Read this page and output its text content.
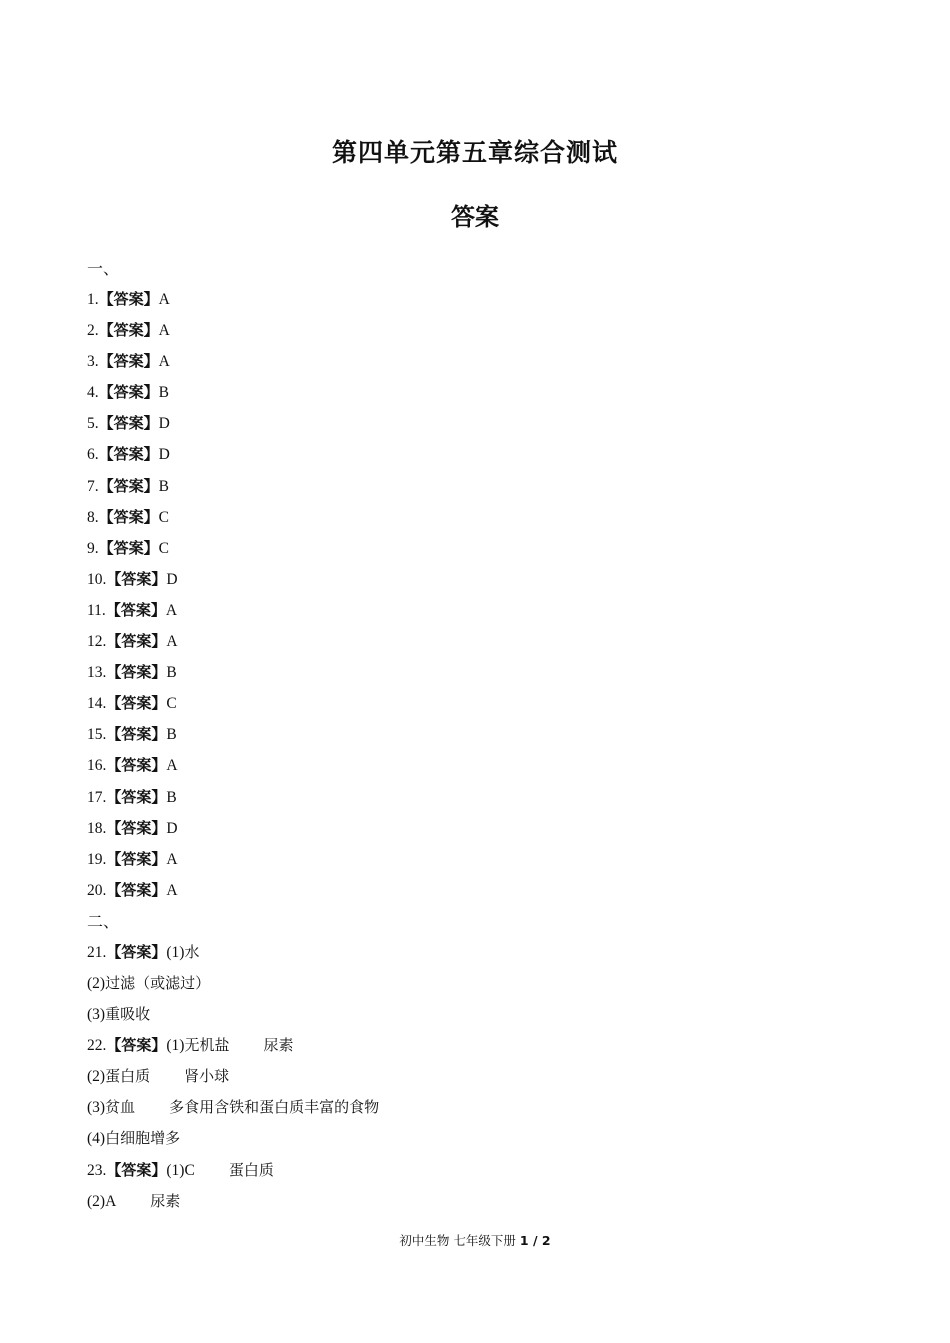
第四单元第五章综合测试
答案
一、
1.【答案】A
2.【答案】A
3.【答案】A
4.【答案】B
5.【答案】D
6.【答案】D
7.【答案】B
8.【答案】C
9.【答案】C
10.【答案】D
11.【答案】A
12.【答案】A
13.【答案】B
14.【答案】C
15.【答案】B
16.【答案】A
17.【答案】B
18.【答案】D
19.【答案】A
20.【答案】A
二、
21.【答案】(1)水
(2)过滤（或滤过）
(3)重吸收
22.【答案】(1)无机盐 尿素
(2)蛋白质 肾小球
(3)贫血 多食用含铁和蛋白质丰富的食物
(4)白细胞增多
23.【答案】(1)C 蛋白质
(2)A 尿素
初中生物 七年级下册 1 / 2
